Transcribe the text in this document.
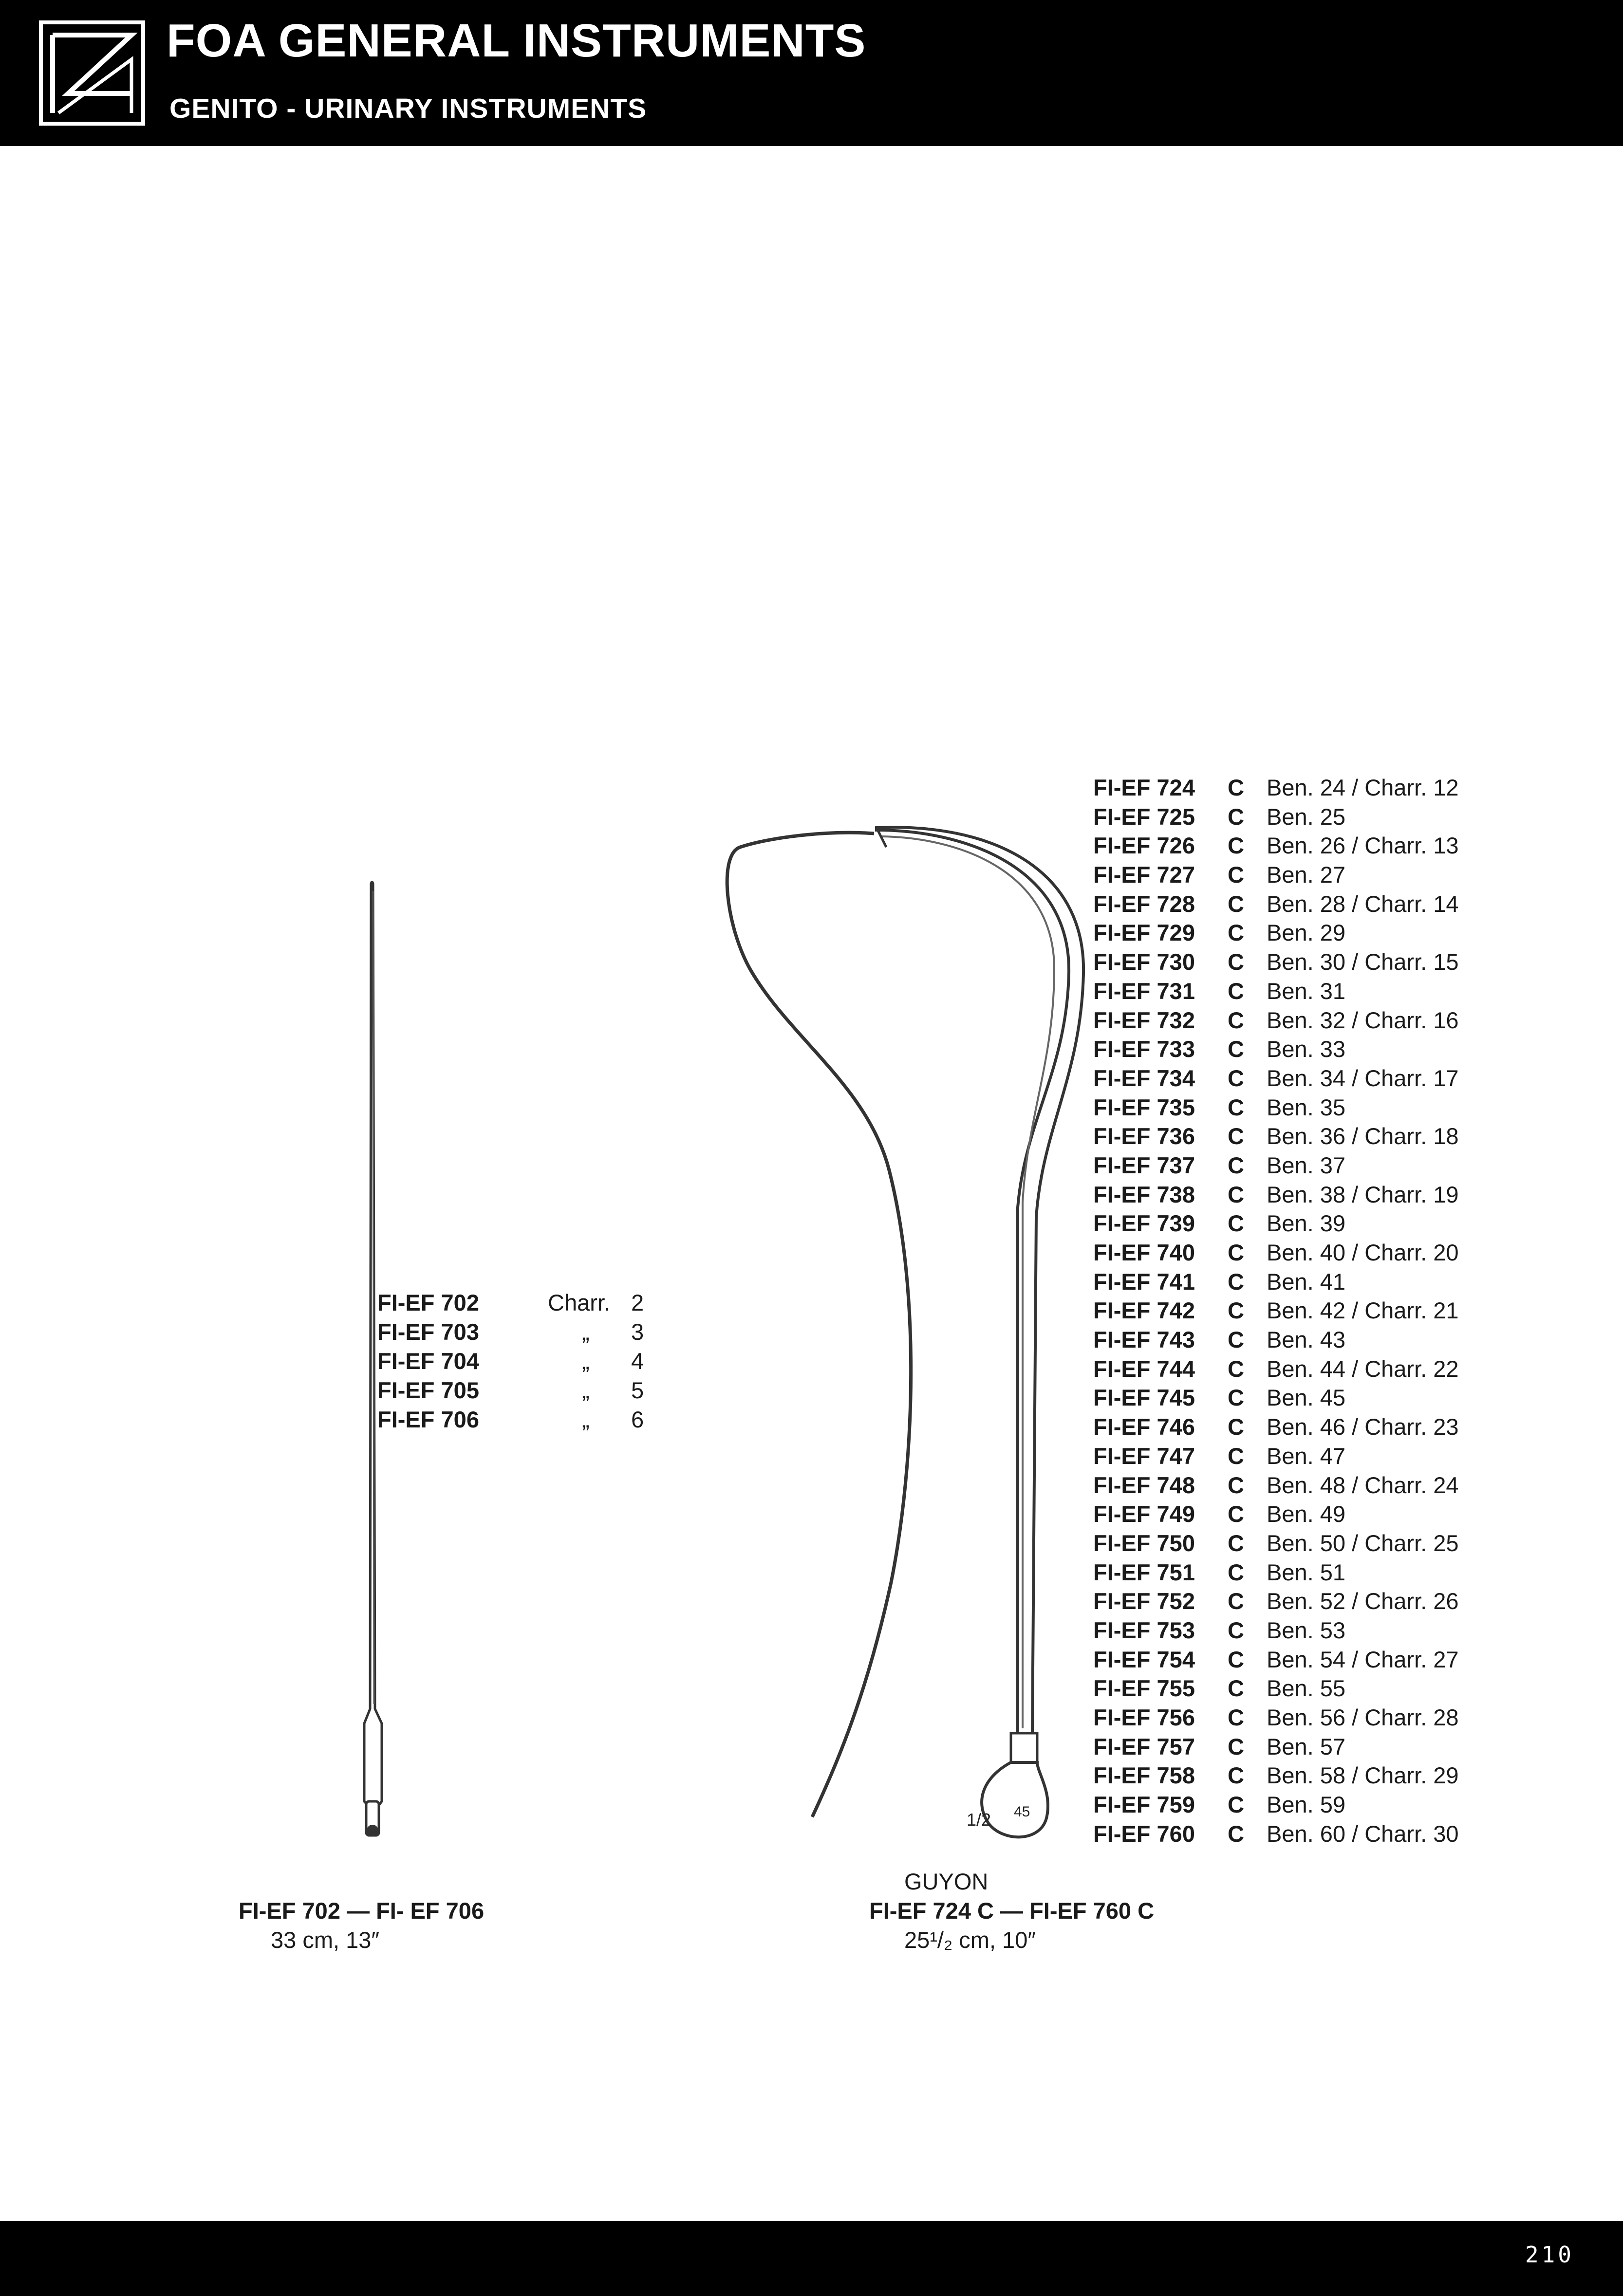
FOA GENERAL INSTRUMENTS
GENITO - URINARY INSTRUMENTS
1/2 45
FI-EF 702	Charr. 2
FI-EF 703	„ 3
FI-EF 704	„ 4
FI-EF 705	„ 5
FI-EF 706	„ 6
FI-EF 724 C Ben. 24 / Charr. 12
FI-EF 725 C Ben. 25
FI-EF 726 C Ben. 26 / Charr. 13
FI-EF 727 C Ben. 27
FI-EF 728 C Ben. 28 / Charr. 14
FI-EF 729 C Ben. 29
FI-EF 730 C Ben. 30 / Charr. 15
FI-EF 731 C Ben. 31
FI-EF 732 C Ben. 32 / Charr. 16
FI-EF 733 C Ben. 33
FI-EF 734 C Ben. 34 / Charr. 17
FI-EF 735 C Ben. 35
FI-EF 736 C Ben. 36 / Charr. 18
FI-EF 737 C Ben. 37
FI-EF 738 C Ben. 38 / Charr. 19
FI-EF 739 C Ben. 39
FI-EF 740 C Ben. 40 / Charr. 20
FI-EF 741 C Ben. 41
FI-EF 742 C Ben. 42 / Charr. 21
FI-EF 743 C Ben. 43
FI-EF 744 C Ben. 44 / Charr. 22
FI-EF 745 C Ben. 45
FI-EF 746 C Ben. 46 / Charr. 23
FI-EF 747 C Ben. 47
FI-EF 748 C Ben. 48 / Charr. 24
FI-EF 749 C Ben. 49
FI-EF 750 C Ben. 50 / Charr. 25
FI-EF 751 C Ben. 51
FI-EF 752 C Ben. 52 / Charr. 26
FI-EF 753 C Ben. 53
FI-EF 754 C Ben. 54 / Charr. 27
FI-EF 755 C Ben. 55
FI-EF 756 C Ben. 56 / Charr. 28
FI-EF 757 C Ben. 57
FI-EF 758 C Ben. 58 / Charr. 29
FI-EF 759 C Ben. 59
FI-EF 760 C Ben. 60 / Charr. 30
FI-EF 702 — FI- EF 706
33 cm, 13″
GUYON
FI-EF 724 C — FI-EF 760 C
25¹/₂ cm, 10″
210
